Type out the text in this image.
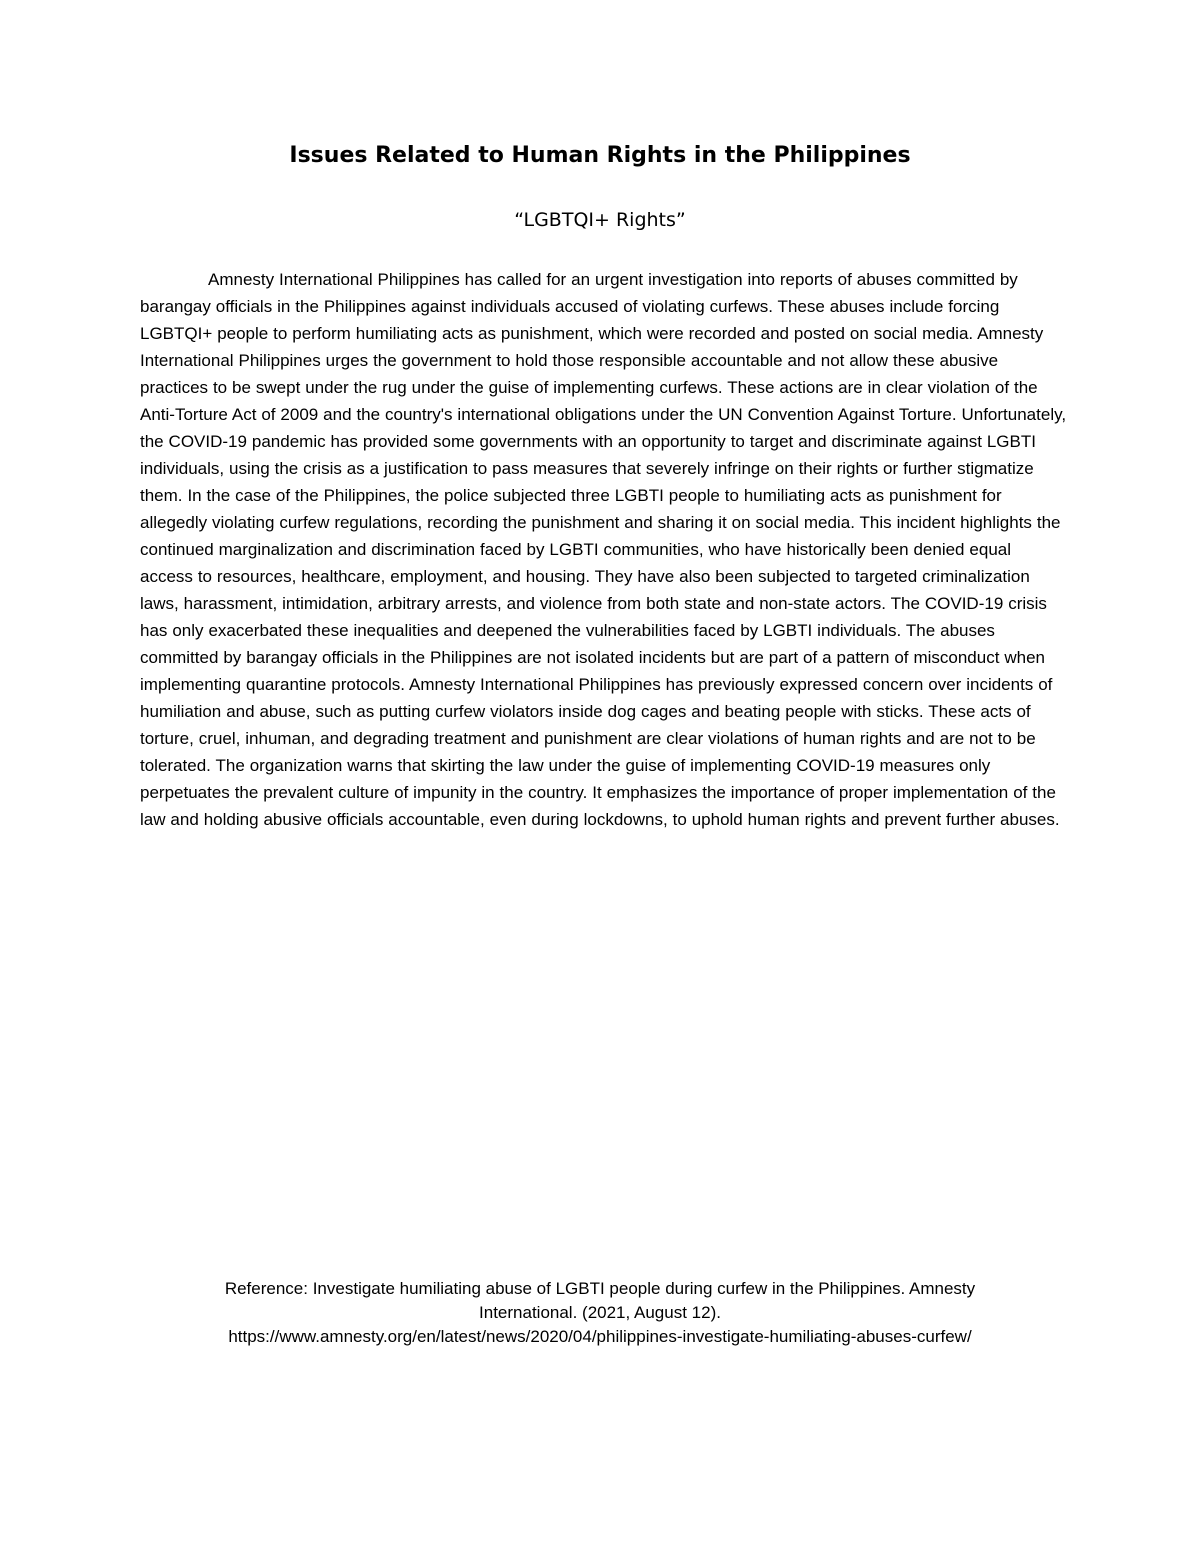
Issues Related to Human Rights in the Philippines
“LGBTQI+ Rights”

Amnesty International Philippines has called for an urgent investigation into reports of abuses committed by barangay officials in the Philippines against individuals accused of violating curfews. These abuses include forcing LGBTQI+ people to perform humiliating acts as punishment, which were recorded and posted on social media. Amnesty International Philippines urges the government to hold those responsible accountable and not allow these abusive practices to be swept under the rug under the guise of implementing curfews. These actions are in clear violation of the Anti-Torture Act of 2009 and the country's international obligations under the UN Convention Against Torture. Unfortunately, the COVID-19 pandemic has provided some governments with an opportunity to target and discriminate against LGBTI individuals, using the crisis as a justification to pass measures that severely infringe on their rights or further stigmatize them. In the case of the Philippines, the police subjected three LGBTI people to humiliating acts as punishment for allegedly violating curfew regulations, recording the punishment and sharing it on social media. This incident highlights the continued marginalization and discrimination faced by LGBTI communities, who have historically been denied equal access to resources, healthcare, employment, and housing. They have also been subjected to targeted criminalization laws, harassment, intimidation, arbitrary arrests, and violence from both state and non-state actors. The COVID-19 crisis has only exacerbated these inequalities and deepened the vulnerabilities faced by LGBTI individuals. The abuses committed by barangay officials in the Philippines are not isolated incidents but are part of a pattern of misconduct when implementing quarantine protocols. Amnesty International Philippines has previously expressed concern over incidents of humiliation and abuse, such as putting curfew violators inside dog cages and beating people with sticks. These acts of torture, cruel, inhuman, and degrading treatment and punishment are clear violations of human rights and are not to be tolerated. The organization warns that skirting the law under the guise of implementing COVID-19 measures only perpetuates the prevalent culture of impunity in the country. It emphasizes the importance of proper implementation of the law and holding abusive officials accountable, even during lockdowns, to uphold human rights and prevent further abuses.

Reference: Investigate humiliating abuse of LGBTI people during curfew in the Philippines. Amnesty
International. (2021, August 12).
https://www.amnesty.org/en/latest/news/2020/04/philippines-investigate-humiliating-abuses-curfew/
